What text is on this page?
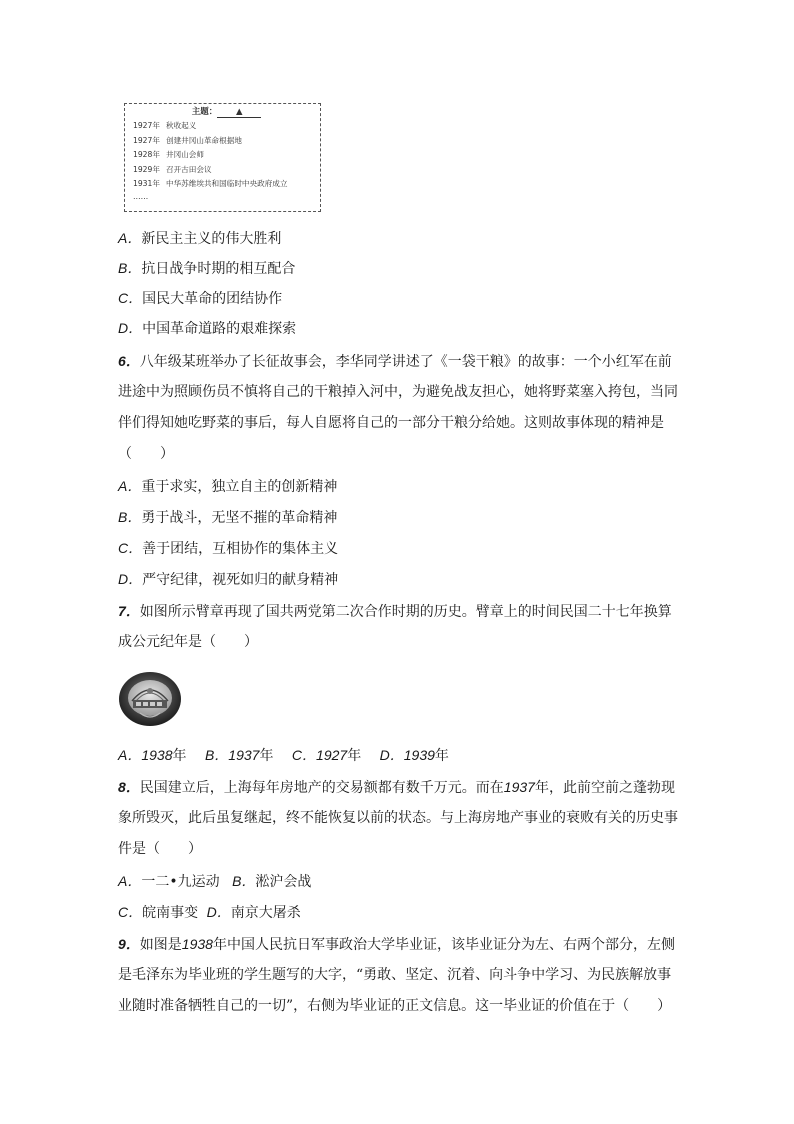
主题： ▲
1927年 秋收起义
1927年 创建井冈山革命根据地
1928年 井冈山会师
1929年 召开古田会议
1931年 中华苏维埃共和国临时中央政府成立
……
A．新民主主义的伟大胜利
B．抗日战争时期的相互配合
C．国民大革命的团结协作
D．中国革命道路的艰难探索
6．八年级某班举办了长征故事会，李华同学讲述了《一袋干粮》的故事：一个小红军在前
进途中为照顾伤员不慎将自己的干粮掉入河中，为避免战友担心，她将野菜塞入挎包，当同
伴们得知她吃野菜的事后，每人自愿将自己的一部分干粮分给她。这则故事体现的精神是
（　　）
A．重于求实，独立自主的创新精神
B．勇于战斗，无坚不摧的革命精神
C．善于团结，互相协作的集体主义
D．严守纪律，视死如归的献身精神
7．如图所示臂章再现了国共两党第二次合作时期的历史。臂章上的时间民国二十七年换算
成公元纪年是（　　）
A．1938年 B．1937年 C．1927年 D．1939年
8．民国建立后，上海每年房地产的交易额都有数千万元。而在1937年，此前空前之蓬勃现
象所毁灭，此后虽复继起，终不能恢复以前的状态。与上海房地产事业的衰败有关的历史事
件是（　　）
A．一二•九运动 B．淞沪会战
C．皖南事变 D．南京大屠杀
9．如图是1938年中国人民抗日军事政治大学毕业证，该毕业证分为左、右两个部分，左侧
是毛泽东为毕业班的学生题写的大字，“勇敢、坚定、沉着、向斗争中学习、为民族解放事
业随时准备牺牲自己的一切”，右侧为毕业证的正文信息。这一毕业证的价值在于（　　）
